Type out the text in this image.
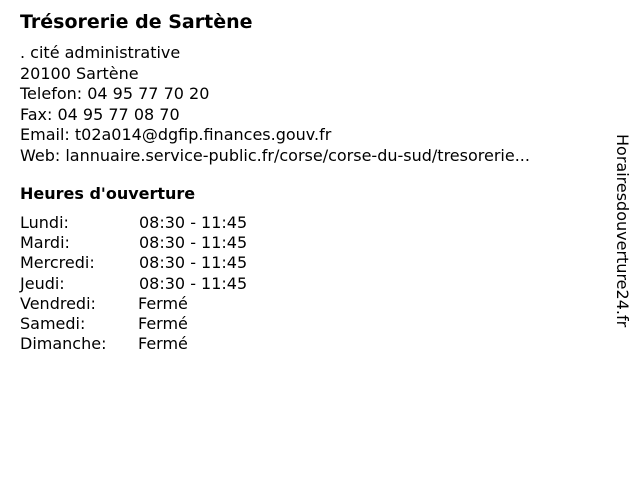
Trésorerie de Sartène
. cité administrative
20100 Sartène
Telefon: 04 95 77 70 20
Fax: 04 95 77 08 70
Email: t02a014@dgfip.finances.gouv.fr
Web: lannuaire.service-public.fr/corse/corse-du-sud/tresorerie...
Heures d'ouverture
Lundi:	08:30 - 11:45
Mardi:	08:30 - 11:45
Mercredi:	08:30 - 11:45
Jeudi:	08:30 - 11:45
Vendredi:	Fermé
Samedi:	Fermé
Dimanche: Fermé
Horairesdouverture24.fr
